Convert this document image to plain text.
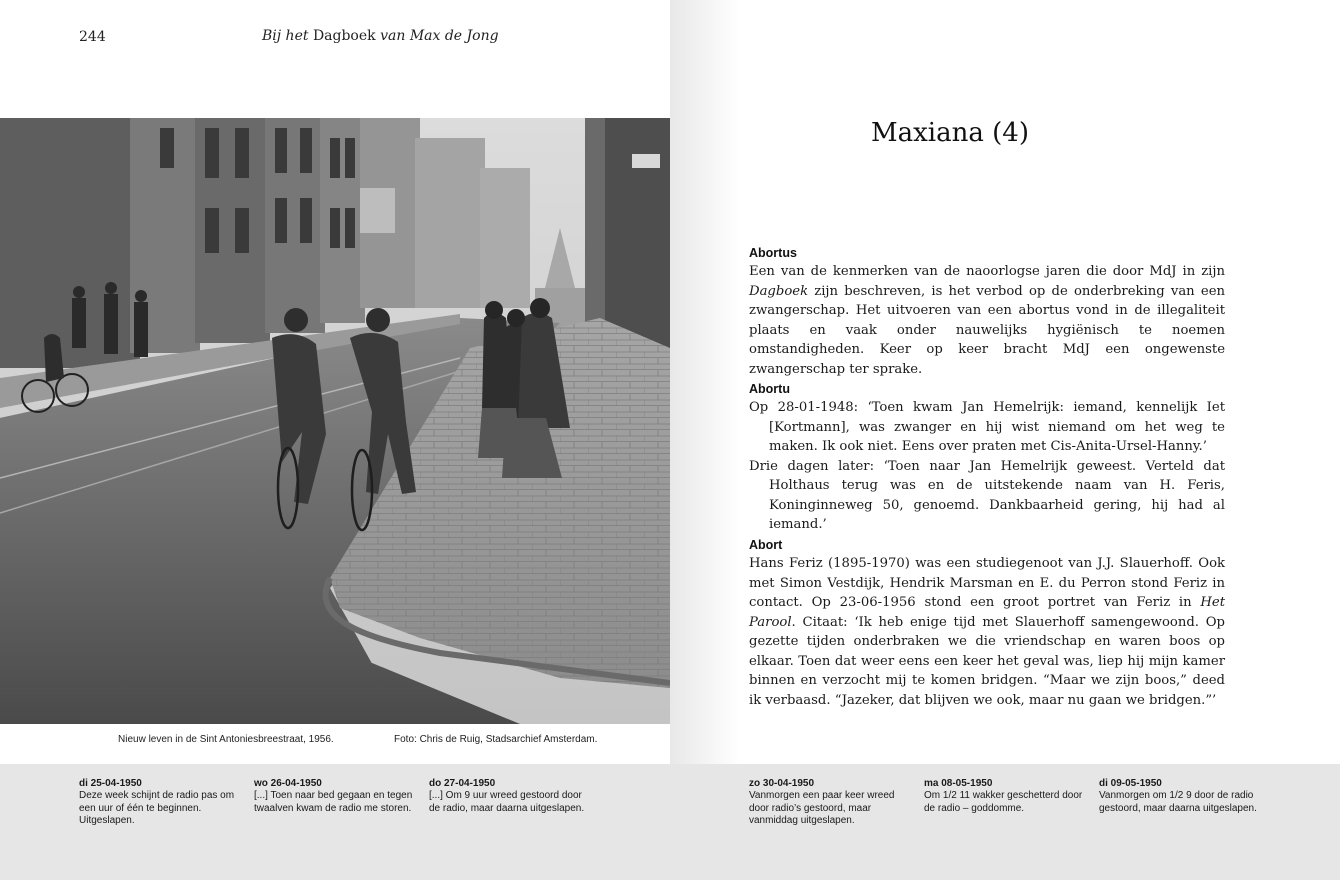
244	Bij het Dagboek van Max de Jong
Nieuw leven in de Sint Antoniesbreestraat, 1956.	Foto: Chris de Ruig, Stadsarchief Amsterdam.
Maxiana (4)
Abortus

Een van de kenmerken van de naoorlogse jaren die door MdJ in zijn Dagboek zijn beschreven, is het verbod op de onderbreking van een zwangerschap. Het uitvoeren van een abortus vond in de illegaliteit plaats en vaak onder nauwelijks hygiënisch te noemen omstandigheden. Keer op keer bracht MdJ een ongewenste zwangerschap ter sprake.

Abortu

Op 28-01-1948: ‘Toen kwam Jan Hemelrijk: iemand, kennelijk Iet [Kortmann], was zwanger en hij wist niemand om het weg te maken. Ik ook niet. Eens over praten met Cis-Anita-Ursel-Hanny.’

Drie dagen later: ‘Toen naar Jan Hemelrijk geweest. Verteld dat Holthaus terug was en de uitstekende naam van H. Feris, Koninginneweg 50, genoemd. Dankbaarheid gering, hij had al iemand.’

Abort

Hans Feriz (1895-1970) was een studiegenoot van J.J. Slauerhoff. Ook met Simon Vestdijk, Hendrik Marsman en E. du Perron stond Feriz in contact. Op 23-06-1956 stond een groot portret van Feriz in Het Parool. Citaat: ‘Ik heb enige tijd met Slauerhoff samengewoond. Op gezette tijden onderbraken we die vriendschap en waren boos op elkaar. Toen dat weer eens een keer het geval was, liep hij mijn kamer binnen en verzocht mij te komen bridgen. “Maar we zijn boos,” deed ik verbaasd. “Jazeker, dat blijven we ook, maar nu gaan we bridgen.”’

di 25-04-1950
Deze week schijnt de radio pas om een uur of één te beginnen. Uitgeslapen.
wo 26-04-1950
[...] Toen naar bed gegaan en tegen twaalven kwam de radio me storen.
do 27-04-1950
[...] Om 9 uur wreed gestoord door de radio, maar daarna uitgeslapen.
zo 30-04-1950
Vanmorgen een paar keer wreed door radio’s gestoord, maar vanmiddag uitgeslapen.
ma 08-05-1950
Om 1/2 11 wakker geschetterd door de radio – goddomme.
di 09-05-1950
Vanmorgen om 1/2 9 door de radio gestoord, maar daarna uitgeslapen.
